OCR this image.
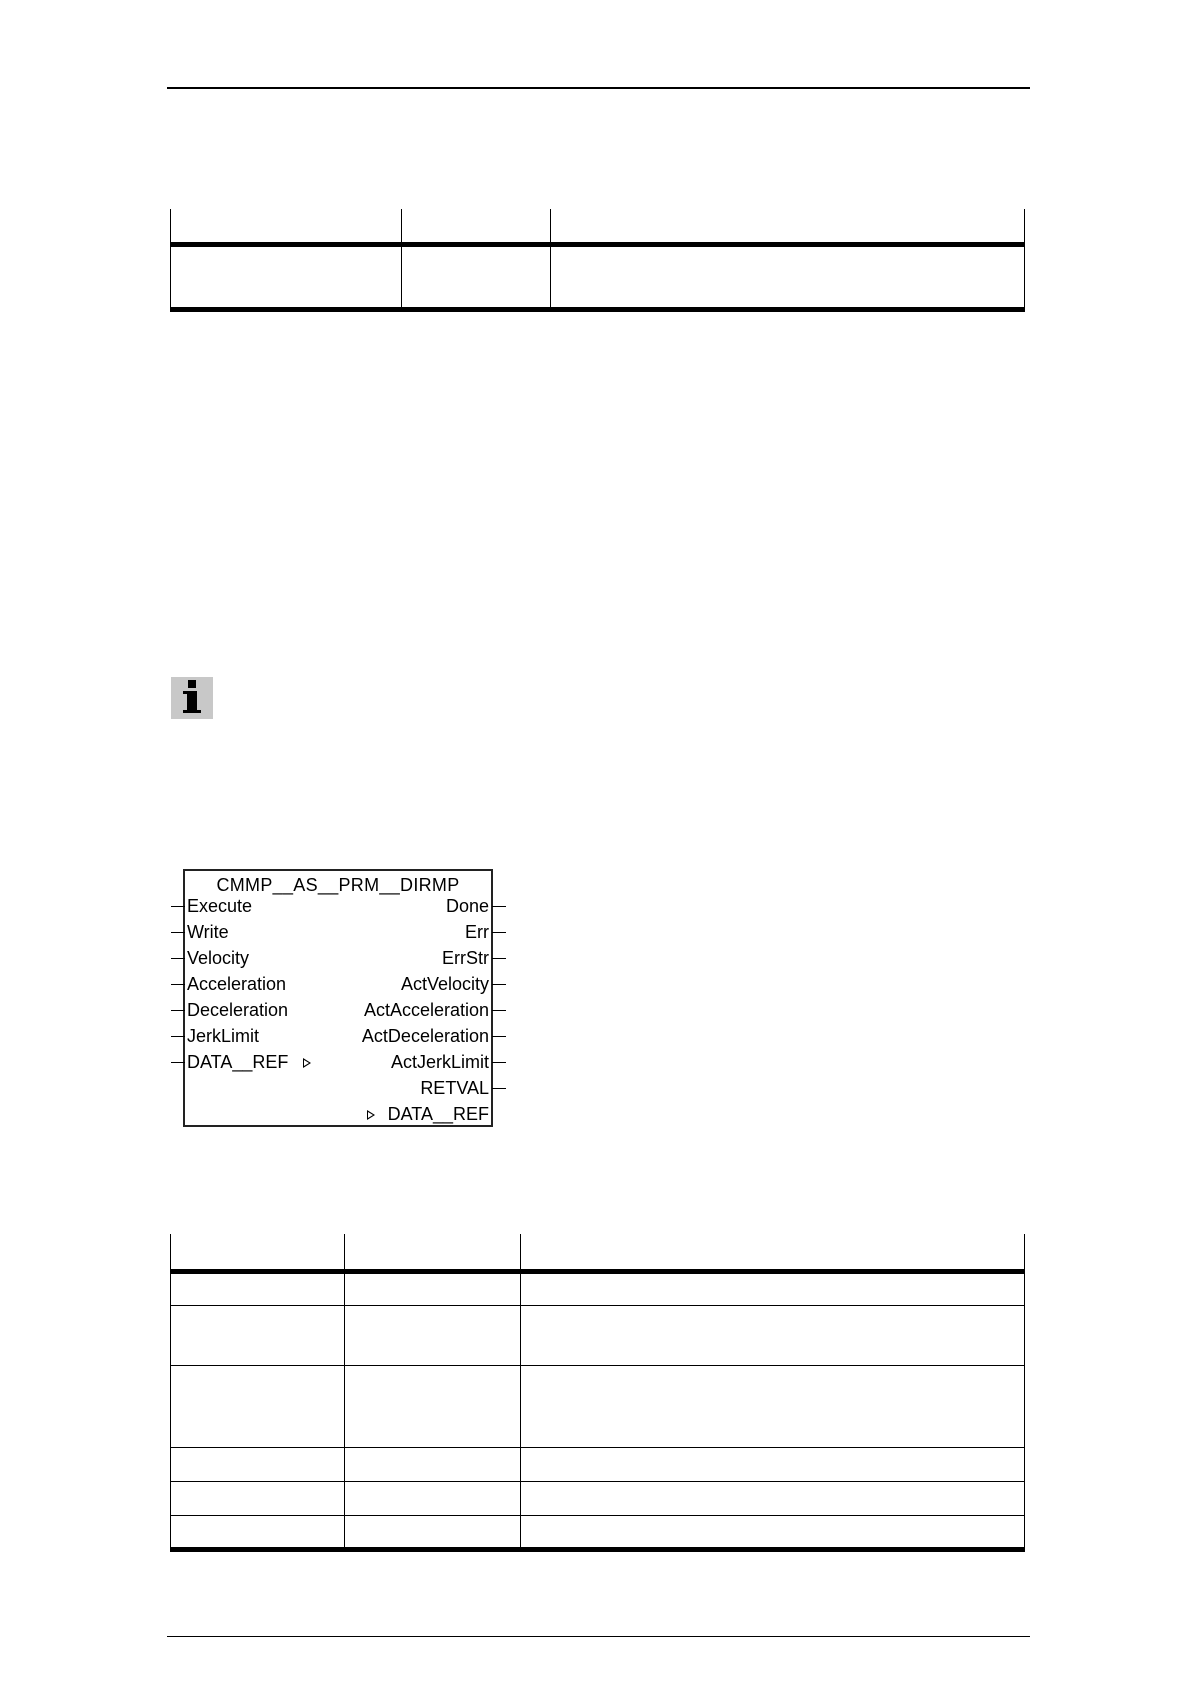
CMMP__AS__PRM__DIRMP
Execute
Write
Velocity
Acceleration
Deceleration
JerkLimit
DATA__REF
Done
Err
ErrStr
ActVelocity
ActAcceleration
ActDeceleration
ActJerkLimit
RETVAL
DATA__REF
